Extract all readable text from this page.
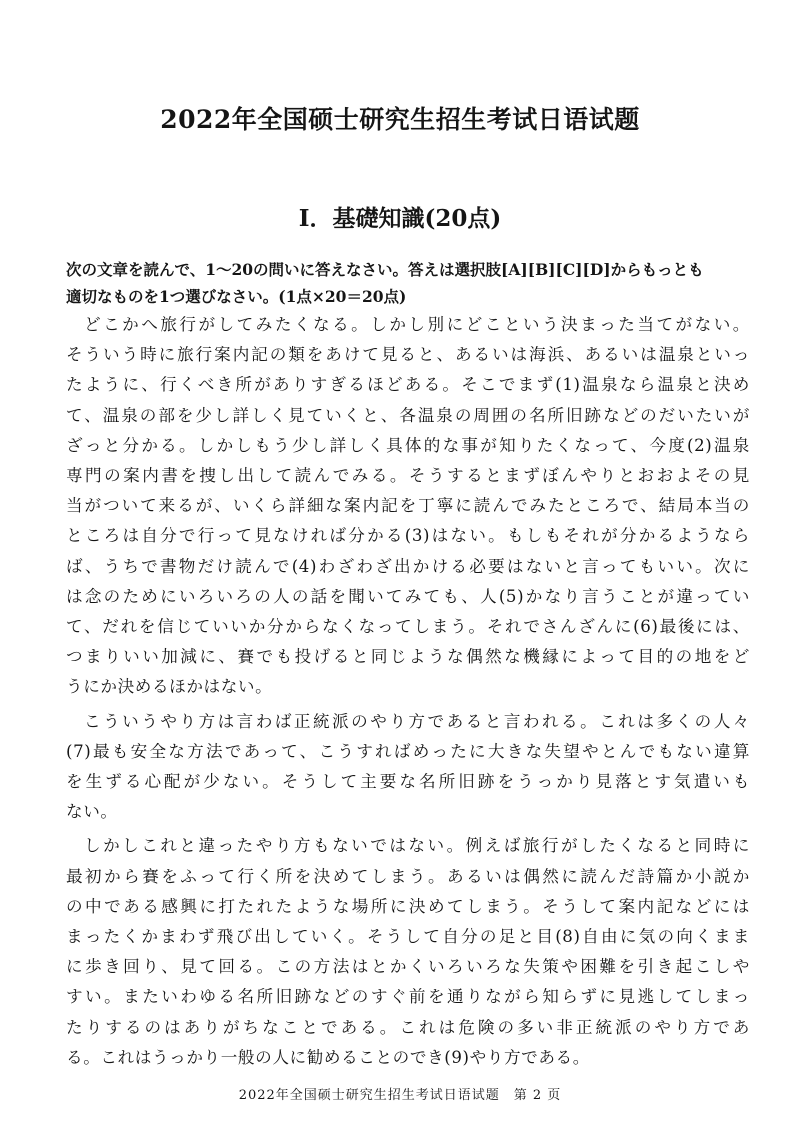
2022年全国硕士研究生招生考试日语试题
Ⅰ．基礎知識(20点)
次の文章を読んで、1～20の問いに答えなさい。答えは選択肢[A][B][C][D]からもっとも
適切なものを1つ選びなさい。(1点×20＝20点)
どこかへ旅行がしてみたくなる。しかし別にどこという決まった当てがない。
そういう時に旅行案内記の類をあけて見ると、あるいは海浜、あるいは温泉といっ
たように、行くべき所がありすぎるほどある。そこでまず(1)温泉なら温泉と決め
て、温泉の部を少し詳しく見ていくと、各温泉の周囲の名所旧跡などのだいたいが
ざっと分かる。しかしもう少し詳しく具体的な事が知りたくなって、今度(2)温泉
専門の案内書を捜し出して読んでみる。そうするとまずぼんやりとおおよその見
当がついて来るが、いくら詳細な案内記を丁寧に読んでみたところで、結局本当の
ところは自分で行って見なければ分かる(3)はない。もしもそれが分かるようなら
ば、うちで書物だけ読んで(4)わざわざ出かける必要はないと言ってもいい。次に
は念のためにいろいろの人の話を聞いてみても、人(5)かなり言うことが違ってい
て、だれを信じていいか分からなくなってしまう。それでさんざんに(6)最後には、
つまりいい加減に、賽でも投げると同じような偶然な機縁によって目的の地をど
うにか決めるほかはない。
こういうやり方は言わば正統派のやり方であると言われる。これは多くの人々
(7)最も安全な方法であって、こうすればめったに大きな失望やとんでもない違算
を生ずる心配が少ない。そうして主要な名所旧跡をうっかり見落とす気遣いも
ない。
しかしこれと違ったやり方もないではない。例えば旅行がしたくなると同時に
最初から賽をふって行く所を決めてしまう。あるいは偶然に読んだ詩篇か小説か
の中である感興に打たれたような場所に決めてしまう。そうして案内記などには
まったくかまわず飛び出していく。そうして自分の足と目(8)自由に気の向くまま
に歩き回り、見て回る。この方法はとかくいろいろな失策や困難を引き起こしや
すい。またいわゆる名所旧跡などのすぐ前を通りながら知らずに見逃してしまっ
たりするのはありがちなことである。これは危険の多い非正統派のやり方であ
る。これはうっかり一般の人に勧めることのでき(9)やり方である。
2022年全国硕士研究生招生考试日语试题　第 2 页
